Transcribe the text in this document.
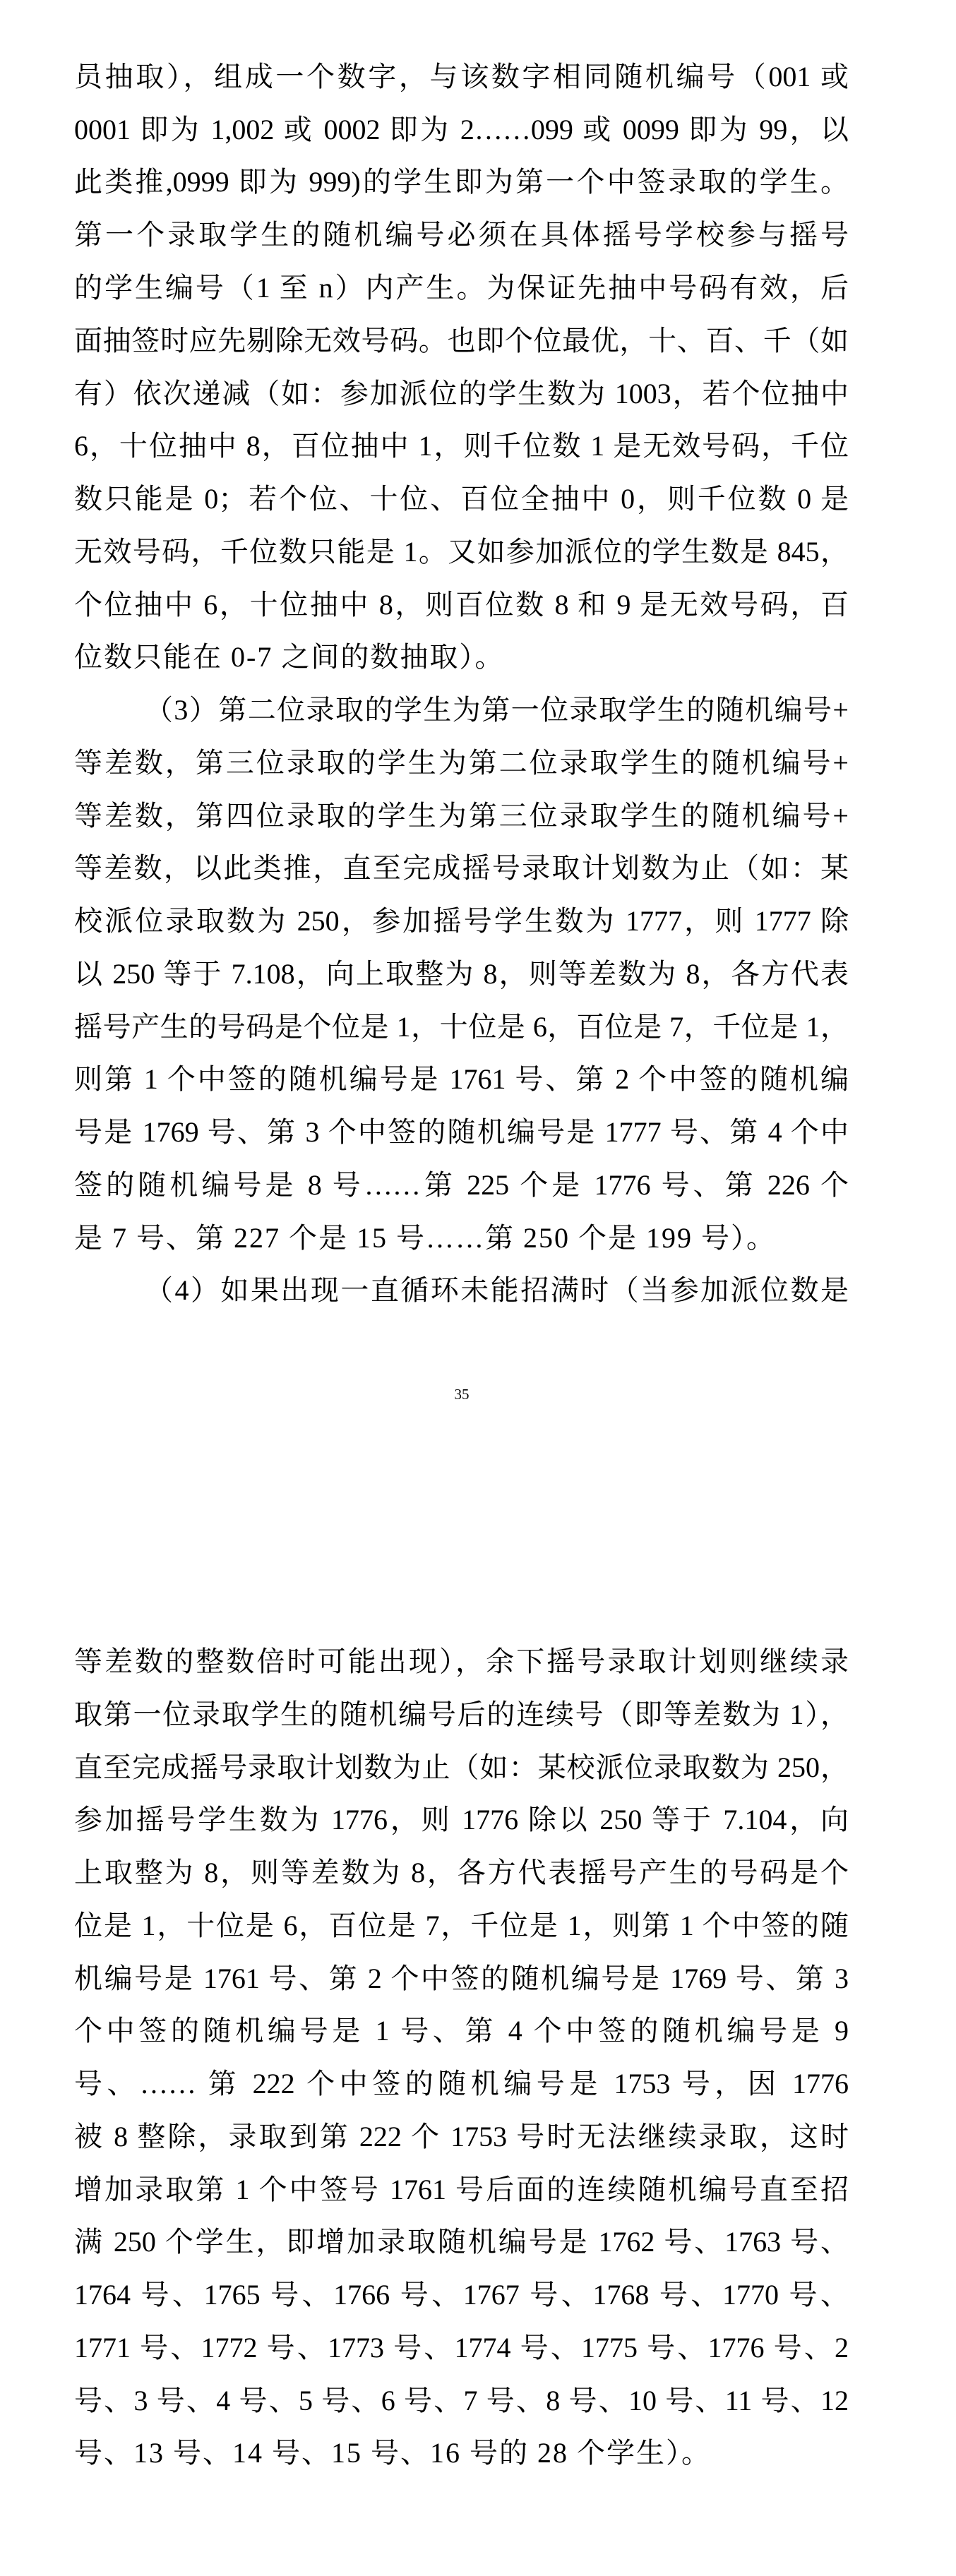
员抽取），组成一个数字，与该数字相同随机编号（001 或
0001 即为 1,002 或 0002 即为 2……099 或 0099 即为 99，以
此类推,0999 即为 999)的学生即为第一个中签录取的学生。
第一个录取学生的随机编号必须在具体摇号学校参与摇号
的学生编号（1 至 n）内产生。为保证先抽中号码有效，后
面抽签时应先剔除无效号码。也即个位最优，十、百、千（如
有）依次递减（如：参加派位的学生数为 1003，若个位抽中
6，十位抽中 8，百位抽中 1，则千位数 1 是无效号码，千位
数只能是 0；若个位、十位、百位全抽中 0，则千位数 0 是
无效号码，千位数只能是 1。又如参加派位的学生数是 845，
个位抽中 6，十位抽中 8，则百位数 8 和 9 是无效号码，百
位数只能在 0-7 之间的数抽取）。
（3）第二位录取的学生为第一位录取学生的随机编号+
等差数，第三位录取的学生为第二位录取学生的随机编号+
等差数，第四位录取的学生为第三位录取学生的随机编号+
等差数，以此类推，直至完成摇号录取计划数为止（如：某
校派位录取数为 250，参加摇号学生数为 1777，则 1777 除
以 250 等于 7.108，向上取整为 8，则等差数为 8，各方代表
摇号产生的号码是个位是 1，十位是 6，百位是 7，千位是 1，
则第 1 个中签的随机编号是 1761 号、第 2 个中签的随机编
号是 1769 号、第 3 个中签的随机编号是 1777 号、第 4 个中
签的随机编号是 8 号……第 225 个是 1776 号、第 226 个
是 7 号、第 227 个是 15 号……第 250 个是 199 号）。
（4）如果出现一直循环未能招满时（当参加派位数是
35
等差数的整数倍时可能出现），余下摇号录取计划则继续录
取第一位录取学生的随机编号后的连续号（即等差数为 1），
直至完成摇号录取计划数为止（如：某校派位录取数为 250，
参加摇号学生数为 1776，则 1776 除以 250 等于 7.104，向
上取整为 8，则等差数为 8，各方代表摇号产生的号码是个
位是 1，十位是 6，百位是 7，千位是 1，则第 1 个中签的随
机编号是 1761 号、第 2 个中签的随机编号是 1769 号、第 3
个中签的随机编号是 1 号、第 4 个中签的随机编号是 9
号、…… 第 222 个中签的随机编号是 1753 号，因 1776
被 8 整除，录取到第 222 个 1753 号时无法继续录取，这时
增加录取第 1 个中签号 1761 号后面的连续随机编号直至招
满 250 个学生，即增加录取随机编号是 1762 号、1763 号、
1764 号、1765 号、1766 号、1767 号、1768 号、1770 号、
1771 号、1772 号、1773 号、1774 号、1775 号、1776 号、2
号、3 号、4 号、5 号、6 号、7 号、8 号、10 号、11 号、12
号、13 号、14 号、15 号、16 号的 28 个学生）。
